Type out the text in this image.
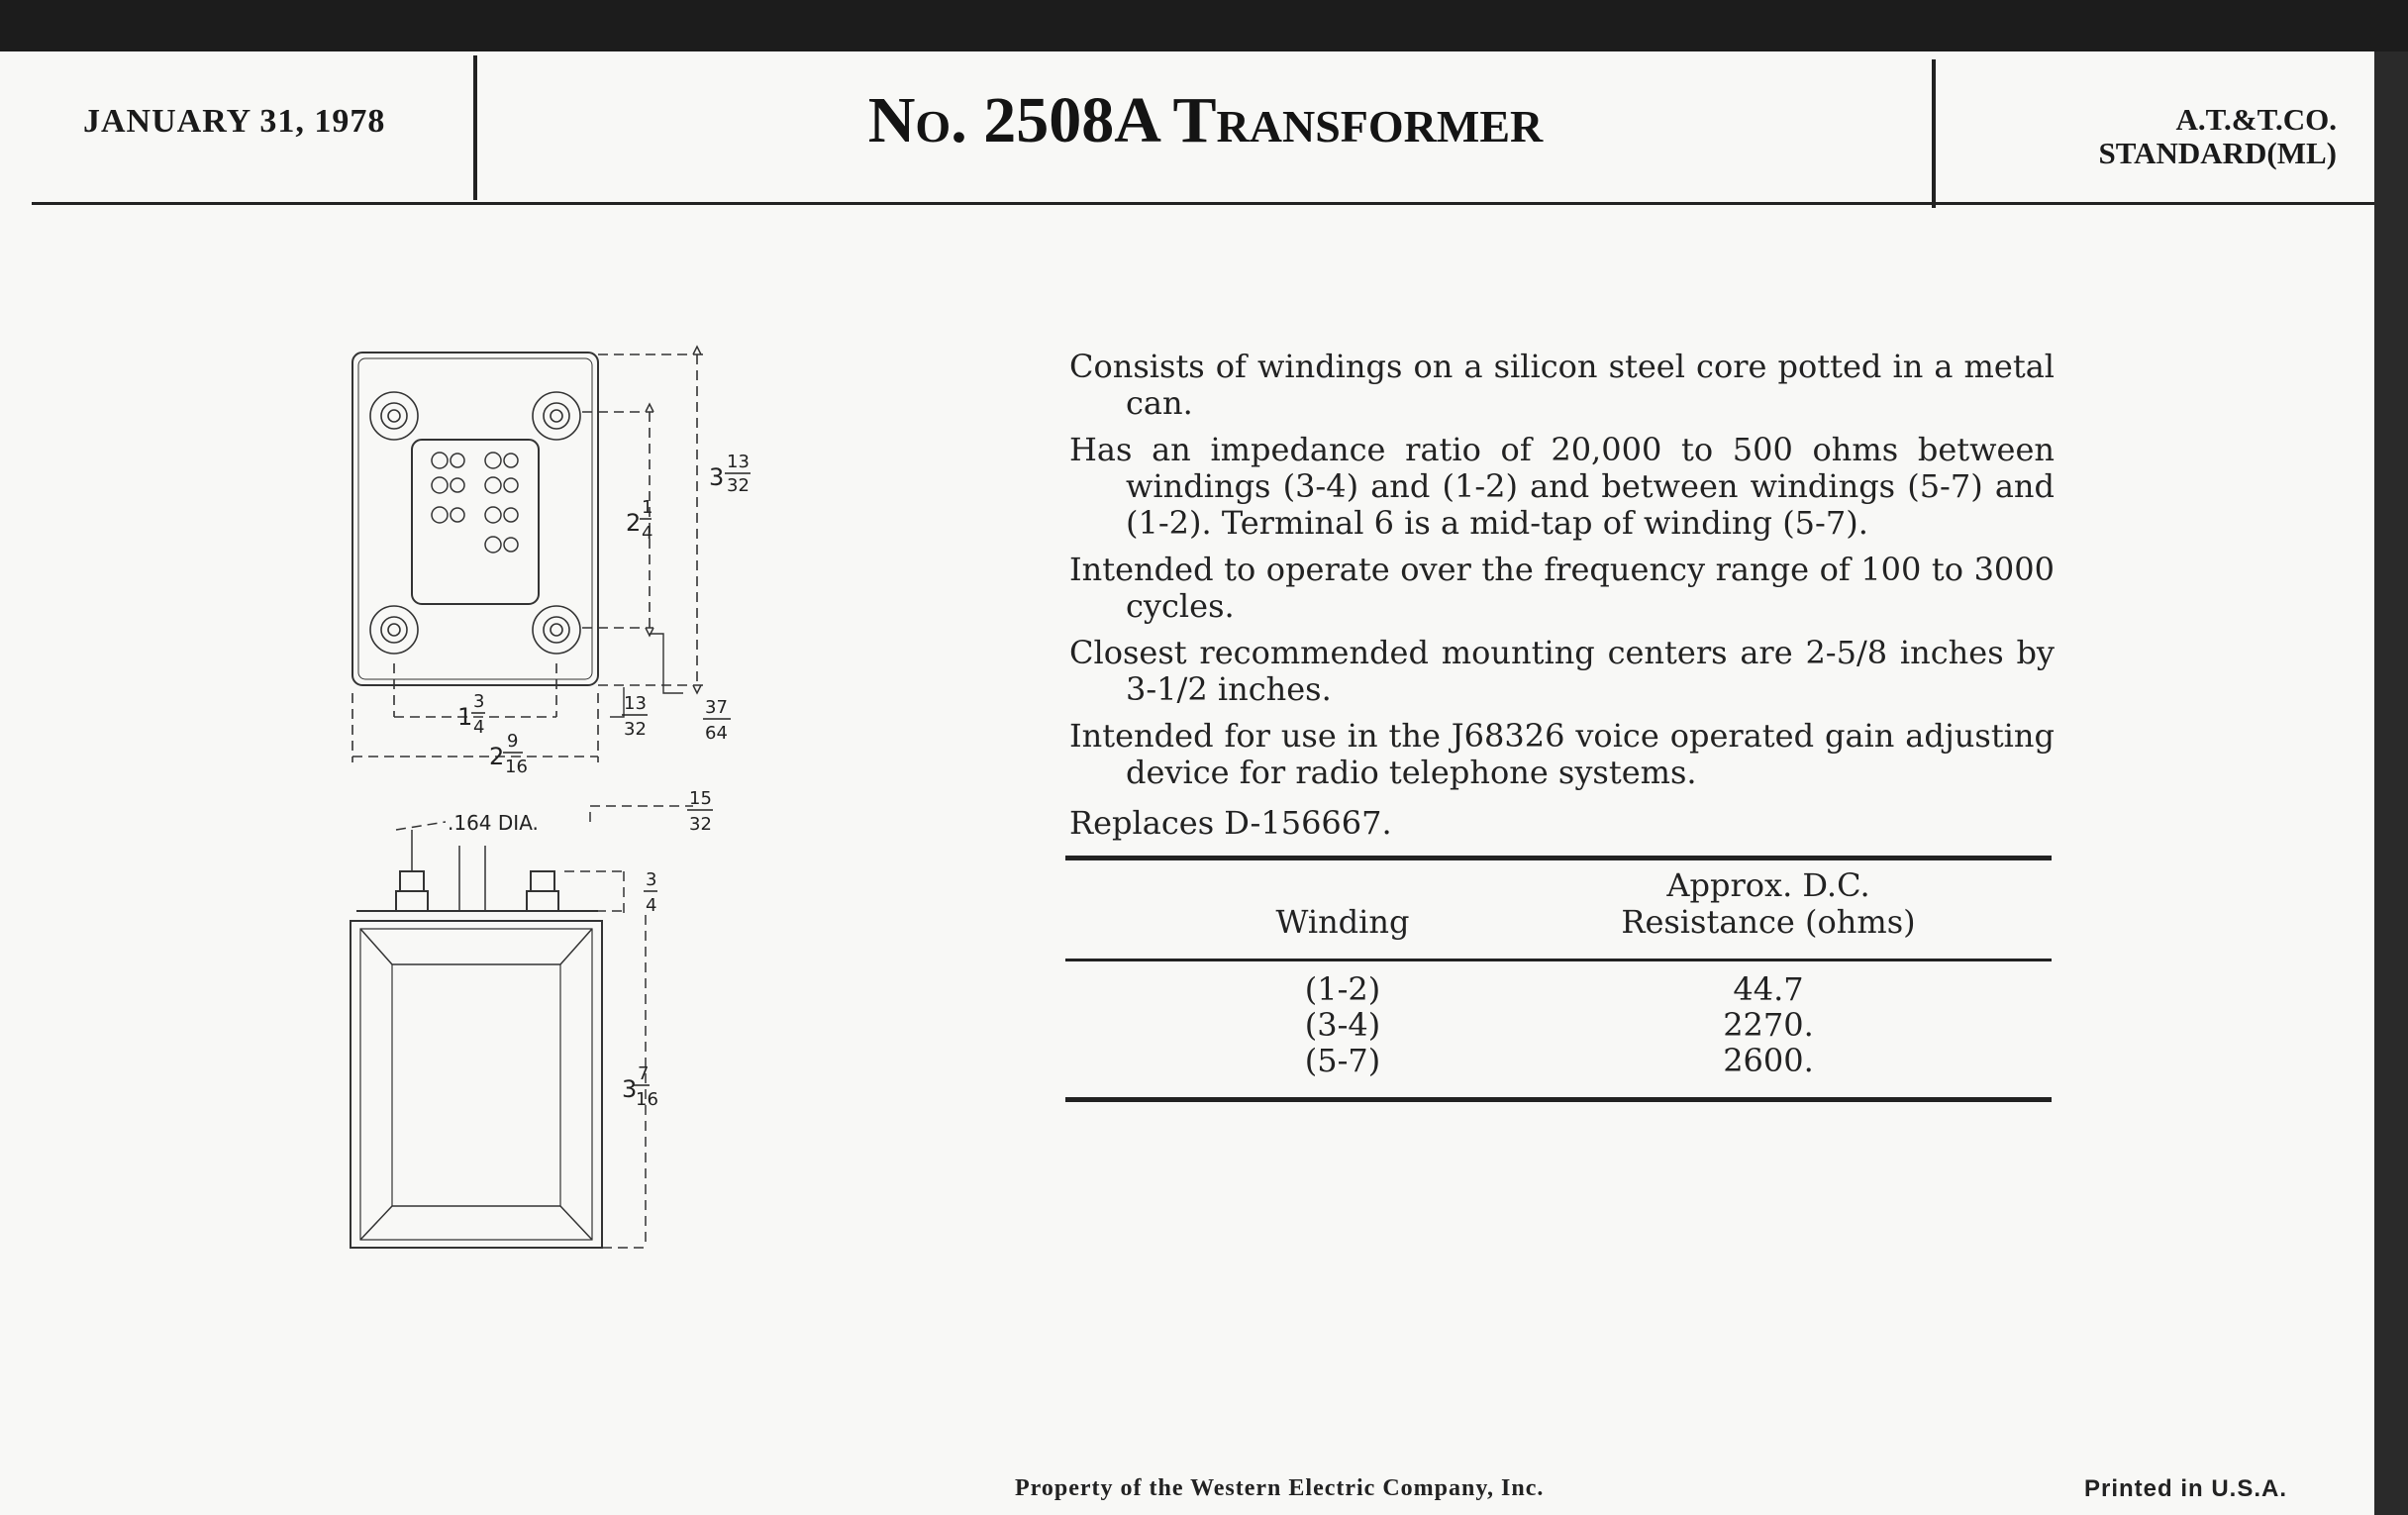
JANUARY 31, 1978	No. 2508A Transformer	A.T.&T.CO.
STANDARD(ML)
3
13
32
2
1
4
1
3
4
2
9
16
13
32
37
64
.164 DIA.
15
32
3
4
3
7
16
Consists of windings on a silicon steel core potted in a metal can.
Has an impedance ratio of 20,000 to 500 ohms between windings (3-4) and (1-2) and between windings (5-7) and (1-2). Terminal 6 is a mid-tap of winding (5-7).
Intended to operate over the frequency range of 100 to 3000 cycles.
Closest recommended mounting centers are 2-5/8 inches by 3-1/2 inches.
Intended for use in the J68326 voice operated gain adjusting device for radio telephone systems.
Replaces D-156667.
Winding
Approx. D.C.
Resistance (ohms)
(1-2)	44.7
(3-4)	2270.
(5-7)	2600.
Property of the Western Electric Company, Inc.	Printed in U.S.A.
